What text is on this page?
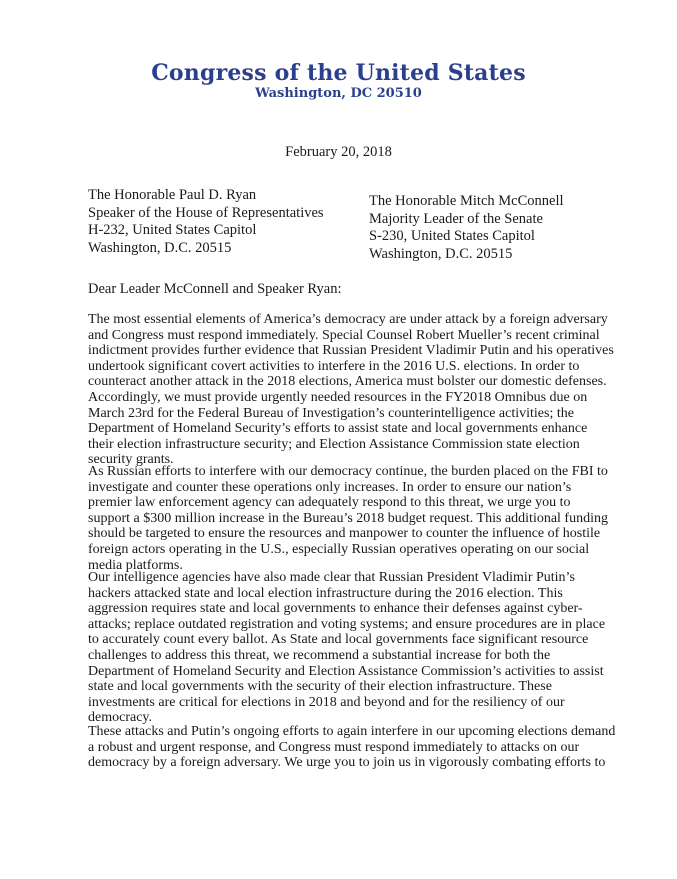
Congress of the United States
Washington, DC 20510
February 20, 2018
The Honorable Paul D. Ryan
Speaker of the House of Representatives
H-232, United States Capitol
Washington, D.C. 20515
The Honorable Mitch McConnell
Majority Leader of the Senate
S-230, United States Capitol
Washington, D.C. 20515
Dear Leader McConnell and Speaker Ryan:

The most essential elements of America’s democracy are under attack by a foreign adversary and Congress must respond immediately. Special Counsel Robert Mueller’s recent criminal indictment provides further evidence that Russian President Vladimir Putin and his operatives undertook significant covert activities to interfere in the 2016 U.S. elections. In order to counteract another attack in the 2018 elections, America must bolster our domestic defenses. Accordingly, we must provide urgently needed resources in the FY2018 Omnibus due on March 23rd for the Federal Bureau of Investigation’s counterintelligence activities; the Department of Homeland Security’s efforts to assist state and local governments enhance their election infrastructure security; and Election Assistance Commission state election security grants.

As Russian efforts to interfere with our democracy continue, the burden placed on the FBI to investigate and counter these operations only increases. In order to ensure our nation’s premier law enforcement agency can adequately respond to this threat, we urge you to support a $300 million increase in the Bureau’s 2018 budget request. This additional funding should be targeted to ensure the resources and manpower to counter the influence of hostile foreign actors operating in the U.S., especially Russian operatives operating on our social media platforms.

Our intelligence agencies have also made clear that Russian President Vladimir Putin’s hackers attacked state and local election infrastructure during the 2016 election. This aggression requires state and local governments to enhance their defenses against cyber-attacks; replace outdated registration and voting systems; and ensure procedures are in place to accurately count every ballot. As State and local governments face significant resource challenges to address this threat, we recommend a substantial increase for both the Department of Homeland Security and Election Assistance Commission’s activities to assist state and local governments with the security of their election infrastructure. These investments are critical for elections in 2018 and beyond and for the resiliency of our democracy.

These attacks and Putin’s ongoing efforts to again interfere in our upcoming elections demand a robust and urgent response, and Congress must respond immediately to attacks on our democracy by a foreign adversary. We urge you to join us in vigorously combating efforts to
